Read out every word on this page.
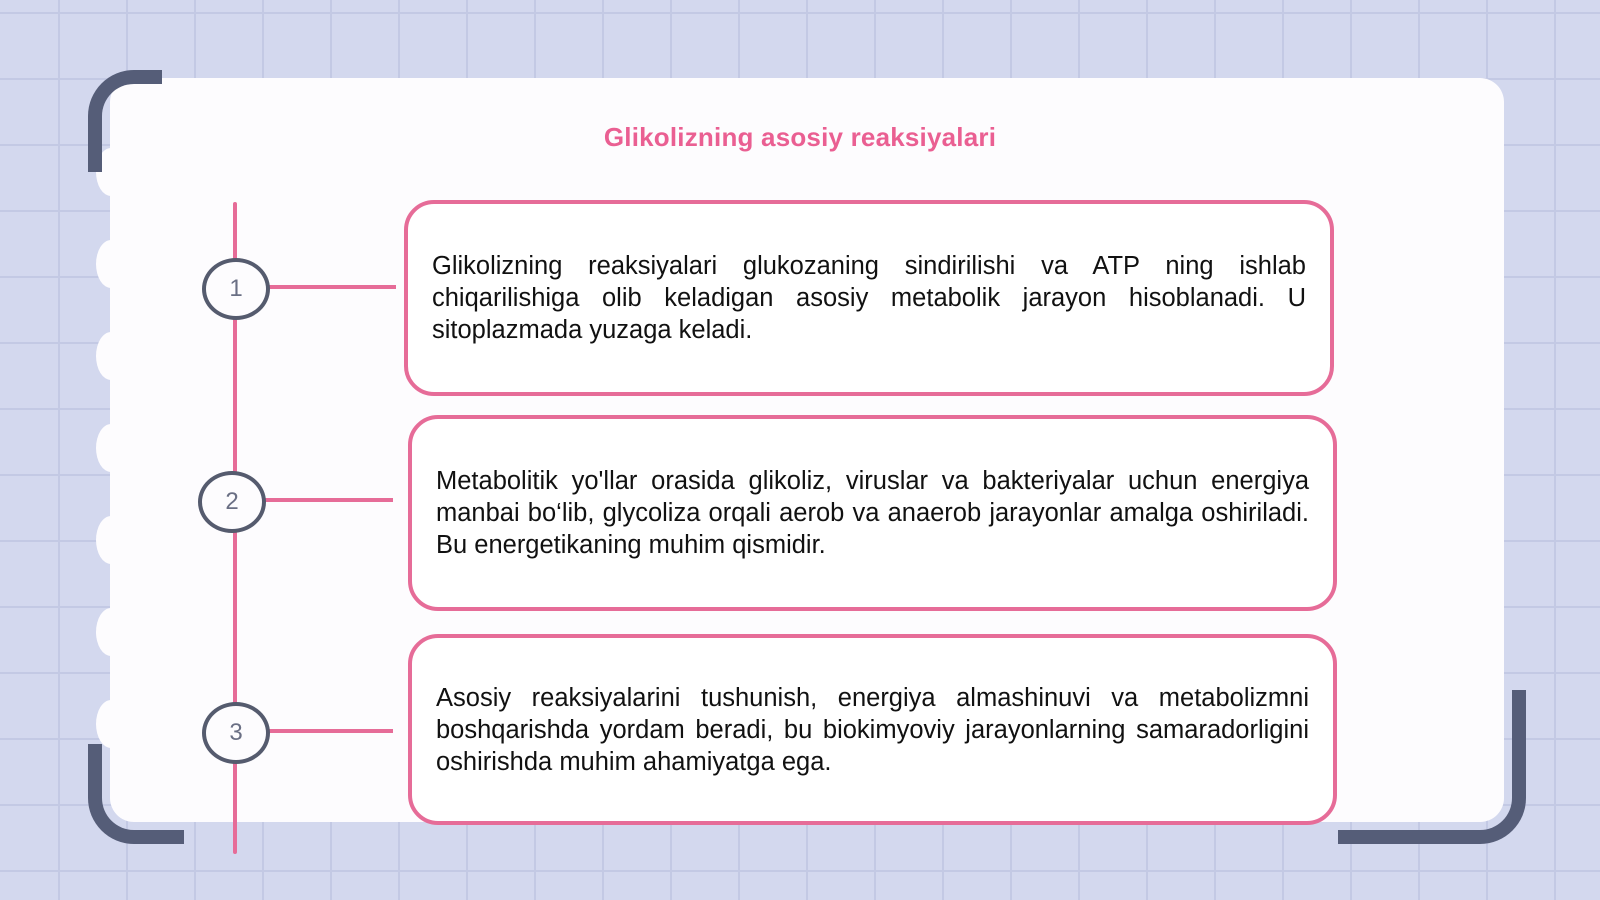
Glikolizning asosiy reaksiyalari
1
2
3

Glikolizning reaksiyalari glukozaning sindirilishi va ATP ning ishlab chiqarilishiga olib keladigan asosiy metabolik jarayon hisoblanadi. U sitoplazmada yuzaga keladi.

Metabolitik yo'llar orasida glikoliz, viruslar va bakteriyalar uchun energiya manbai bo‘lib, glycoliza orqali aerob va anaerob jarayonlar amalga oshiriladi. Bu energetikaning muhim qismidir.

Asosiy reaksiyalarini tushunish, energiya almashinuvi va metabolizmni boshqarishda yordam beradi, bu biokimyoviy jarayonlarning samaradorligini oshirishda muhim ahamiyatga ega.
